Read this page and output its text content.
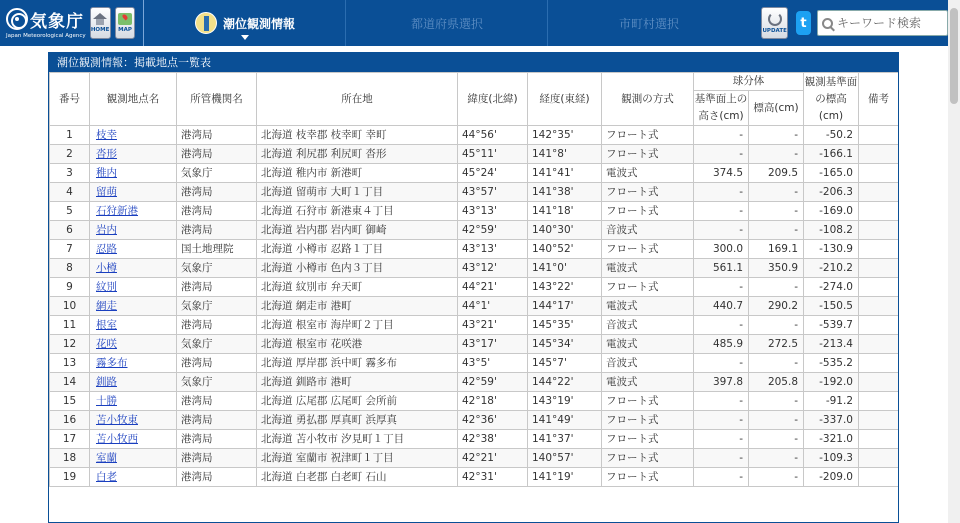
気象庁
Japan Meteorological Agency
HOME MAP	潮位観測情報	都道府県選択	市町村選択
UPDATE
t
キーワード検索
潮位観測情報：掲載地点一覧表
番号	観測地点名	所管機関名	所在地	緯度(北緯)	経度(東経)	観測の方式	球分体		観測基準面の標高(cm)	備考
							基準面上の高さ(cm)	標高(cm)		
1	枝幸	港湾局	北海道 枝幸郡 枝幸町 幸町	44°56'	142°35'	フロート式	-	-	-50.2	
2	沓形	港湾局	北海道 利尻郡 利尻町 沓形	45°11'	141°8'	フロート式	-	-	-166.1	
3	稚内	気象庁	北海道 稚内市 新港町	45°24'	141°41'	電波式	374.5	209.5	-165.0	
4	留萌	港湾局	北海道 留萌市 大町１丁目	43°57'	141°38'	フロート式	-	-	-206.3	
5	石狩新港	港湾局	北海道 石狩市 新港東４丁目	43°13'	141°18'	フロート式	-	-	-169.0	
6	岩内	港湾局	北海道 岩内郡 岩内町 御崎	42°59'	140°30'	音波式	-	-	-108.2	
7	忍路	国土地理院	北海道 小樽市 忍路１丁目	43°13'	140°52'	フロート式	300.0	169.1	-130.9	
8	小樽	気象庁	北海道 小樽市 色内３丁目	43°12'	141°0'	電波式	561.1	350.9	-210.2	
9	紋別	港湾局	北海道 紋別市 弁天町	44°21'	143°22'	フロート式	-	-	-274.0	
10	網走	気象庁	北海道 網走市 港町	44°1'	144°17'	電波式	440.7	290.2	-150.5	
11	根室	港湾局	北海道 根室市 海岸町２丁目	43°21'	145°35'	音波式	-	-	-539.7	
12	花咲	気象庁	北海道 根室市 花咲港	43°17'	145°34'	電波式	485.9	272.5	-213.4	
13	霧多布	港湾局	北海道 厚岸郡 浜中町 霧多布	43°5'	145°7'	音波式	-	-	-535.2	
14	釧路	気象庁	北海道 釧路市 港町	42°59'	144°22'	電波式	397.8	205.8	-192.0	
15	十勝	港湾局	北海道 広尾郡 広尾町 会所前	42°18'	143°19'	フロート式	-	-	-91.2	
16	苫小牧東	港湾局	北海道 勇払郡 厚真町 浜厚真	42°36'	141°49'	フロート式	-	-	-337.0	
17	苫小牧西	港湾局	北海道 苫小牧市 汐見町１丁目	42°38'	141°37'	フロート式	-	-	-321.0	
18	室蘭	港湾局	北海道 室蘭市 祝津町１丁目	42°21'	140°57'	フロート式	-	-	-109.3	
19	白老	港湾局	北海道 白老郡 白老町 石山	42°31'	141°19'	フロート式	-	-	-209.0	
